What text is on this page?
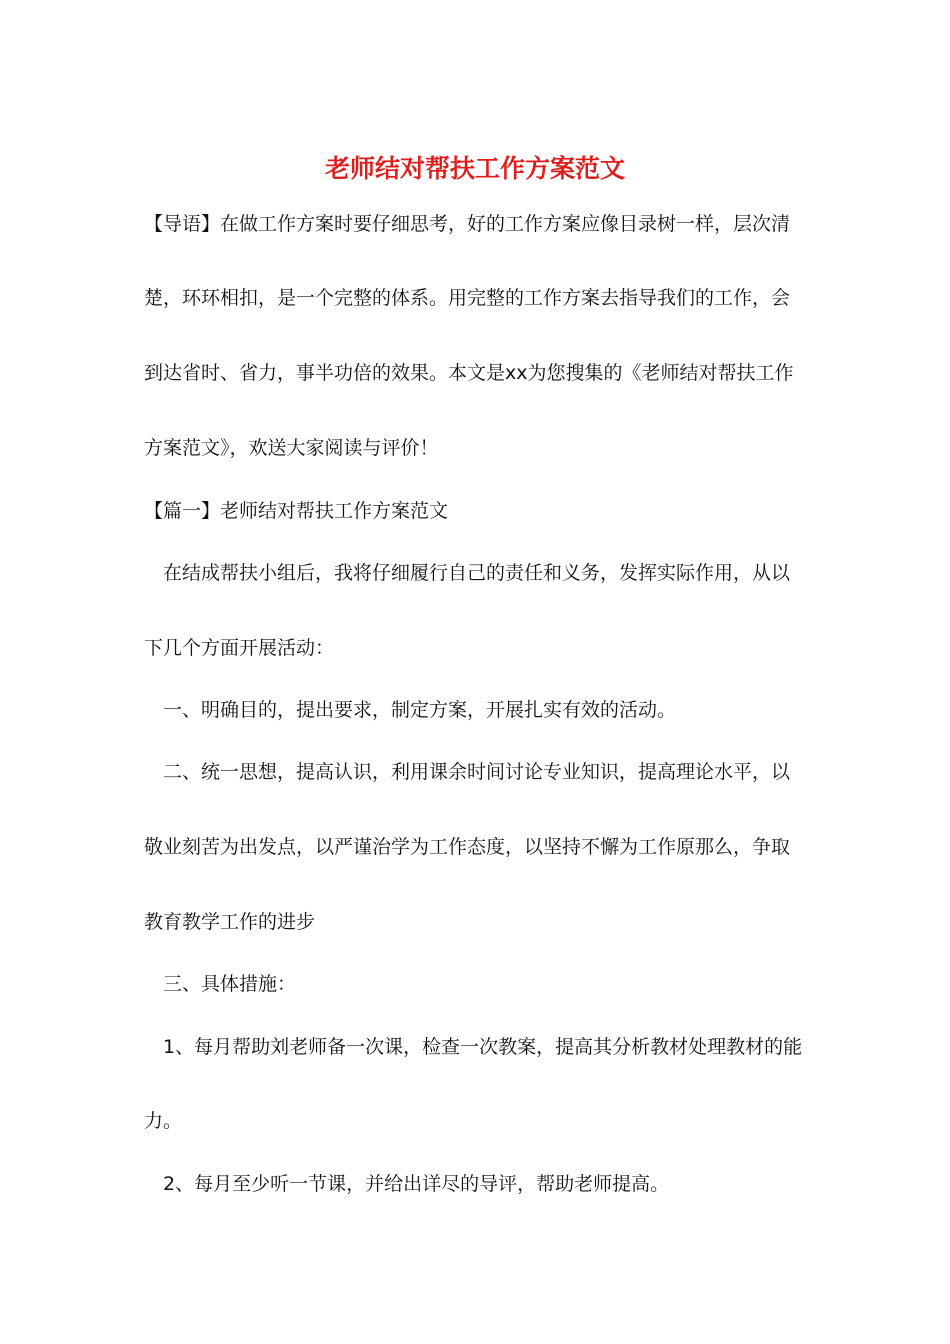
老师结对帮扶工作方案范文
【导语】在做工作方案时要仔细思考，好的工作方案应像目录树一样，层次清
楚，环环相扣，是一个完整的体系。用完整的工作方案去指导我们的工作，会
到达省时、省力，事半功倍的效果。本文是xx为您搜集的《老师结对帮扶工作
方案范文》，欢送大家阅读与评价！
【篇一】老师结对帮扶工作方案范文
在结成帮扶小组后，我将仔细履行自己的责任和义务，发挥实际作用，从以
下几个方面开展活动：
一、明确目的，提出要求，制定方案，开展扎实有效的活动。
二、统一思想，提高认识，利用课余时间讨论专业知识，提高理论水平，以
敬业刻苦为出发点，以严谨治学为工作态度，以坚持不懈为工作原那么，争取
教育教学工作的进步
三、具体措施：
1、每月帮助刘老师备一次课，检查一次教案，提高其分析教材处理教材的能
力。
2、每月至少听一节课，并给出详尽的导评，帮助老师提高。
